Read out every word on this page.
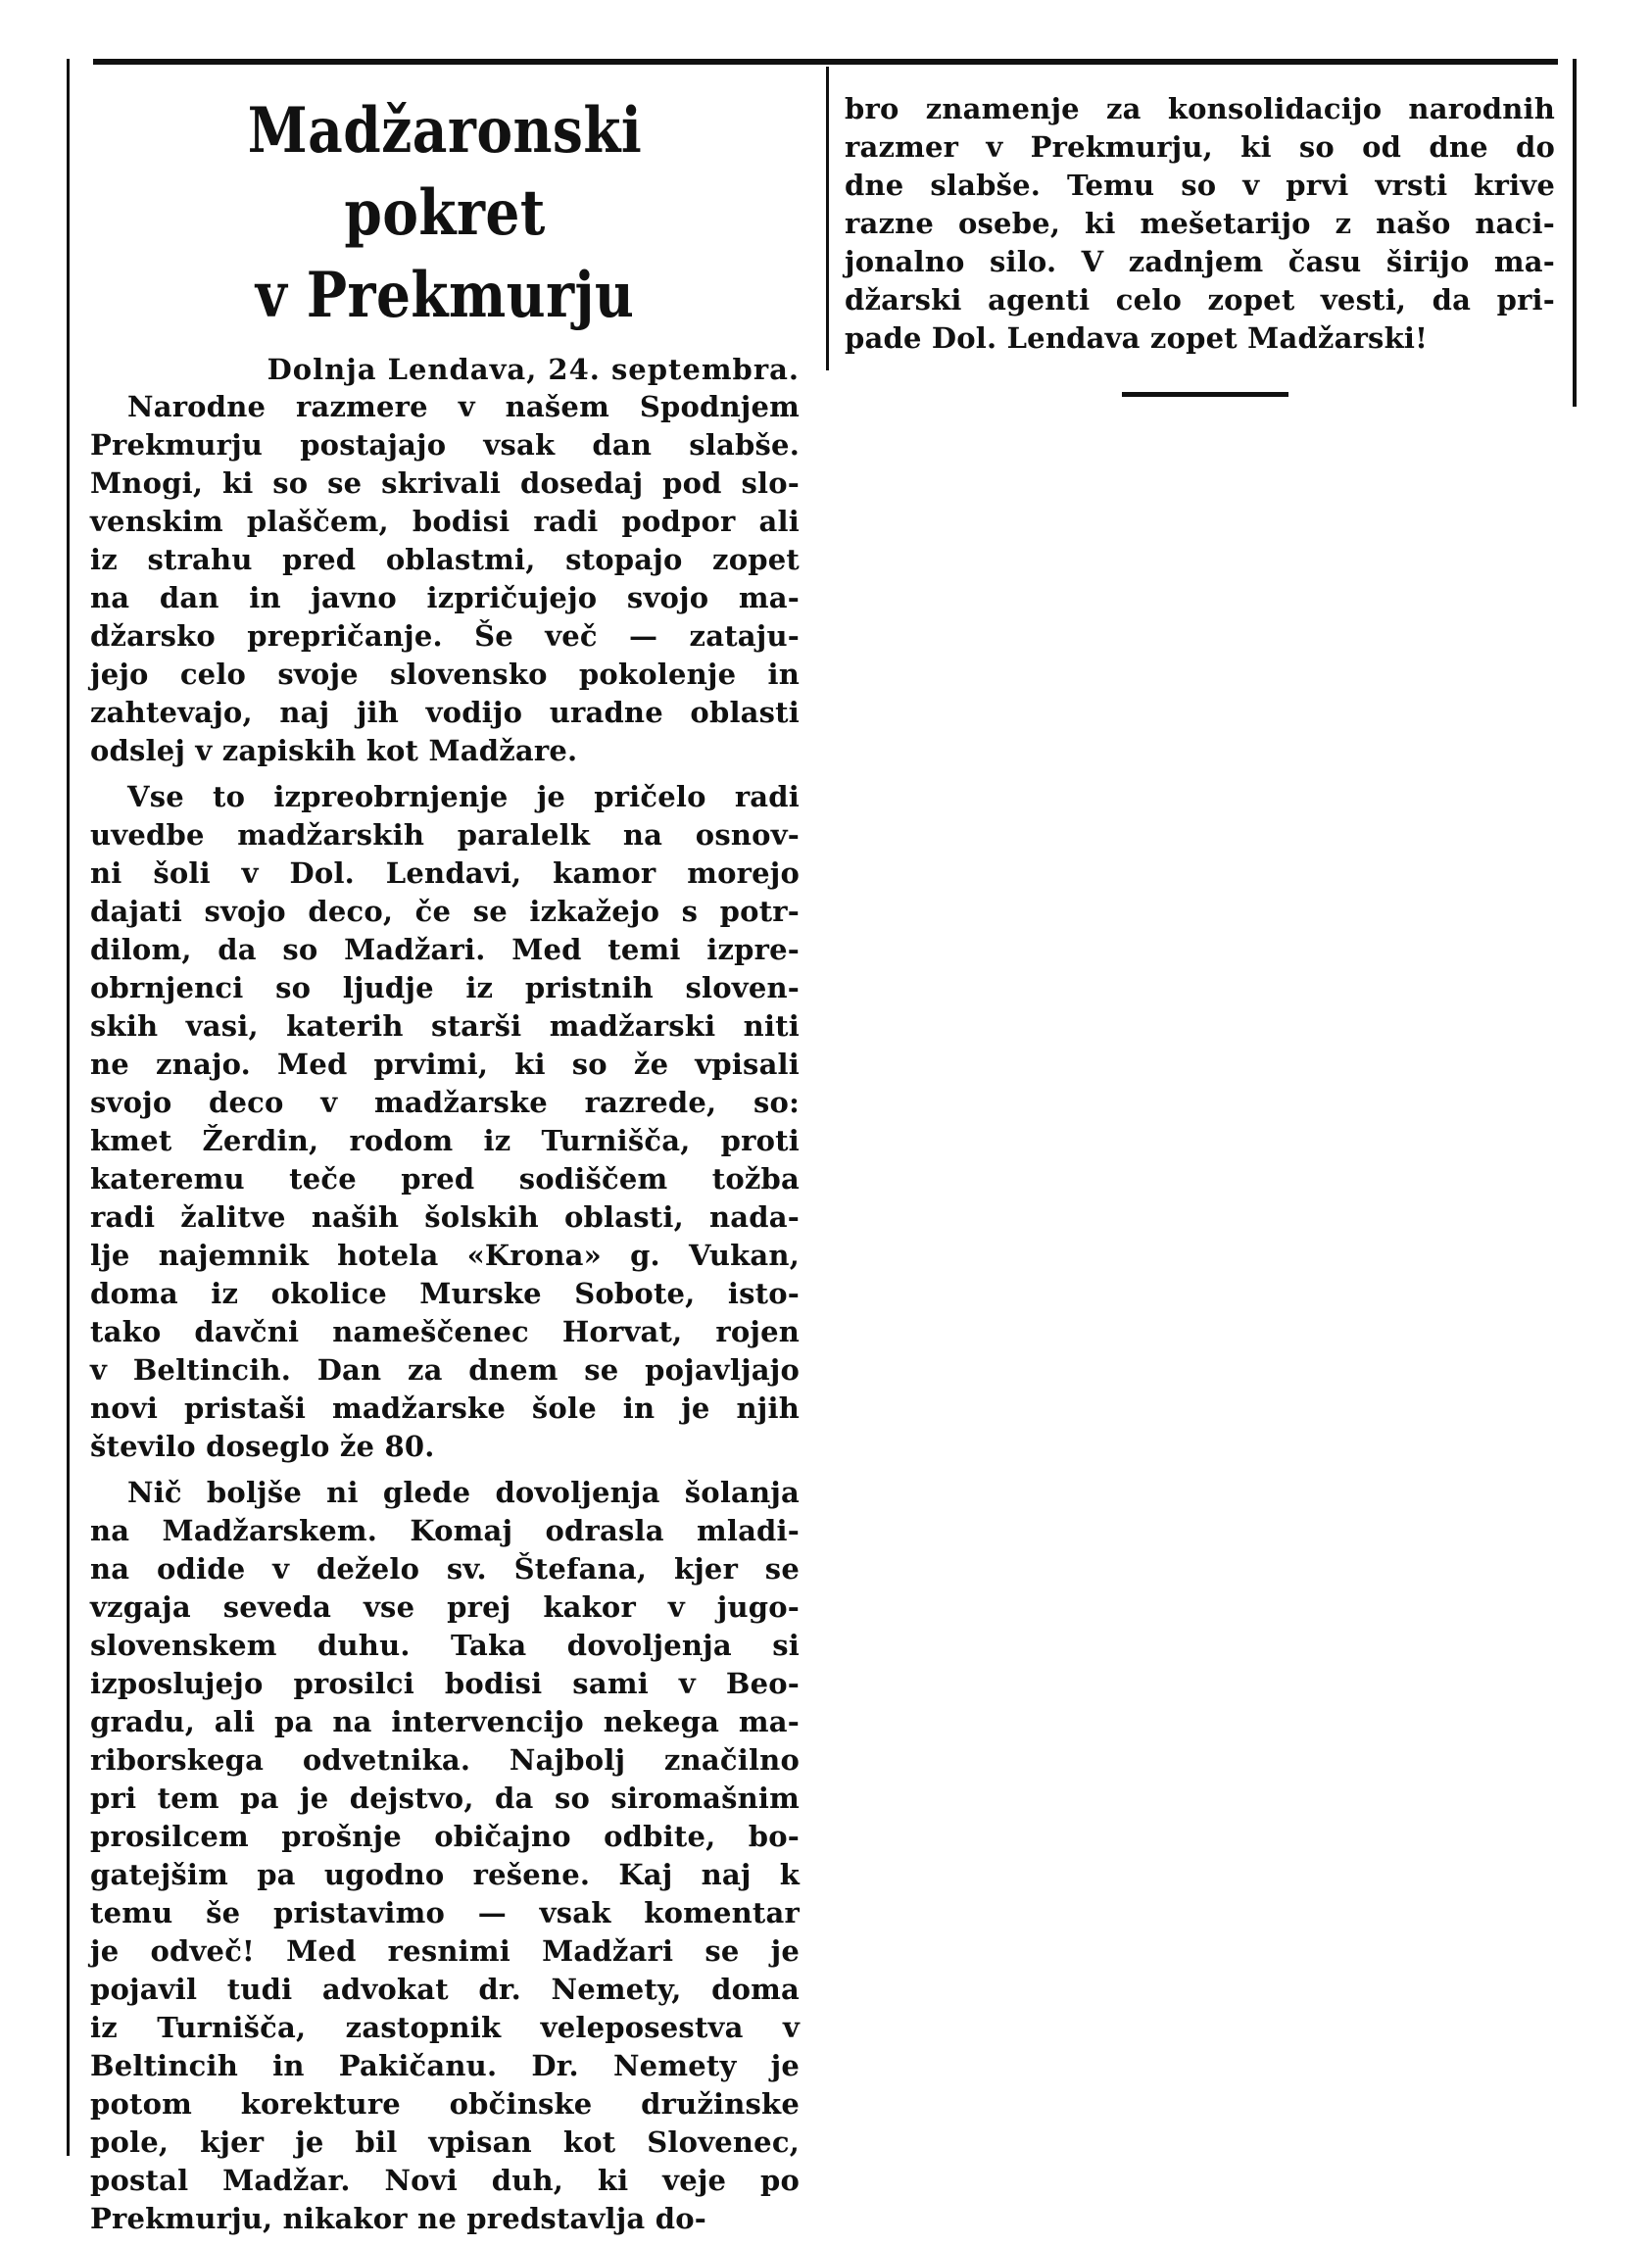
Madžaronski pokret
v Prekmurju
Dolnja Lendava, 24. septembra.

Narodne razmere v našem Spodnjem
Prekmurju postajajo vsak dan slabše.
Mnogi, ki so se skrivali dosedaj pod slo-
venskim plaščem, bodisi radi podpor ali
iz strahu pred oblastmi, stopajo zopet
na dan in javno izpričujejo svojo ma-
džarsko prepričanje. Še več — zataju-
jejo celo svoje slovensko pokolenje in
zahtevajo, naj jih vodijo uradne oblasti
odslej v zapiskih kot Madžare.

Vse to izpreobrnjenje je pričelo radi
uvedbe madžarskih paralelk na osnov-
ni šoli v Dol. Lendavi, kamor morejo
dajati svojo deco, če se izkažejo s potr-
dilom, da so Madžari. Med temi izpre-
obrnjenci so ljudje iz pristnih sloven-
skih vasi, katerih starši madžarski niti
ne znajo. Med prvimi, ki so že vpisali
svojo deco v madžarske razrede, so:
kmet Žerdin, rodom iz Turnišča, proti
kateremu teče pred sodiščem tožba
radi žalitve naših šolskih oblasti, nada-
lje najemnik hotela «Krona» g. Vukan,
doma iz okolice Murske Sobote, isto-
tako davčni nameščenec Horvat, rojen
v Beltincih. Dan za dnem se pojavljajo
novi pristaši madžarske šole in je njih
število doseglo že 80.

Nič boljše ni glede dovoljenja šolanja
na Madžarskem. Komaj odrasla mladi-
na odide v deželo sv. Štefana, kjer se
vzgaja seveda vse prej kakor v jugo-
slovenskem duhu. Taka dovoljenja si
izposlujejo prosilci bodisi sami v Beo-
gradu, ali pa na intervencijo nekega ma-
riborskega odvetnika. Najbolj značilno
pri tem pa je dejstvo, da so siromašnim
prosilcem prošnje običajno odbite, bo-
gatejšim pa ugodno rešene. Kaj naj k
temu še pristavimo — vsak komentar
je odveč! Med resnimi Madžari se je
pojavil tudi advokat dr. Nemety, doma
iz Turnišča, zastopnik veleposestva v
Beltincih in Pakičanu. Dr. Nemety je
potom korekture občinske družinske
pole, kjer je bil vpisan kot Slovenec,
postal Madžar. Novi duh, ki veje po
Prekmurju, nikakor ne predstavlja do-

bro znamenje za konsolidacijo narodnih
razmer v Prekmurju, ki so od dne do
dne slabše. Temu so v prvi vrsti krive
razne osebe, ki mešetarijo z našo naci-
jonalno silo. V zadnjem času širijo ma-
džarski agenti celo zopet vesti, da pri-
pade Dol. Lendava zopet Madžarski!
